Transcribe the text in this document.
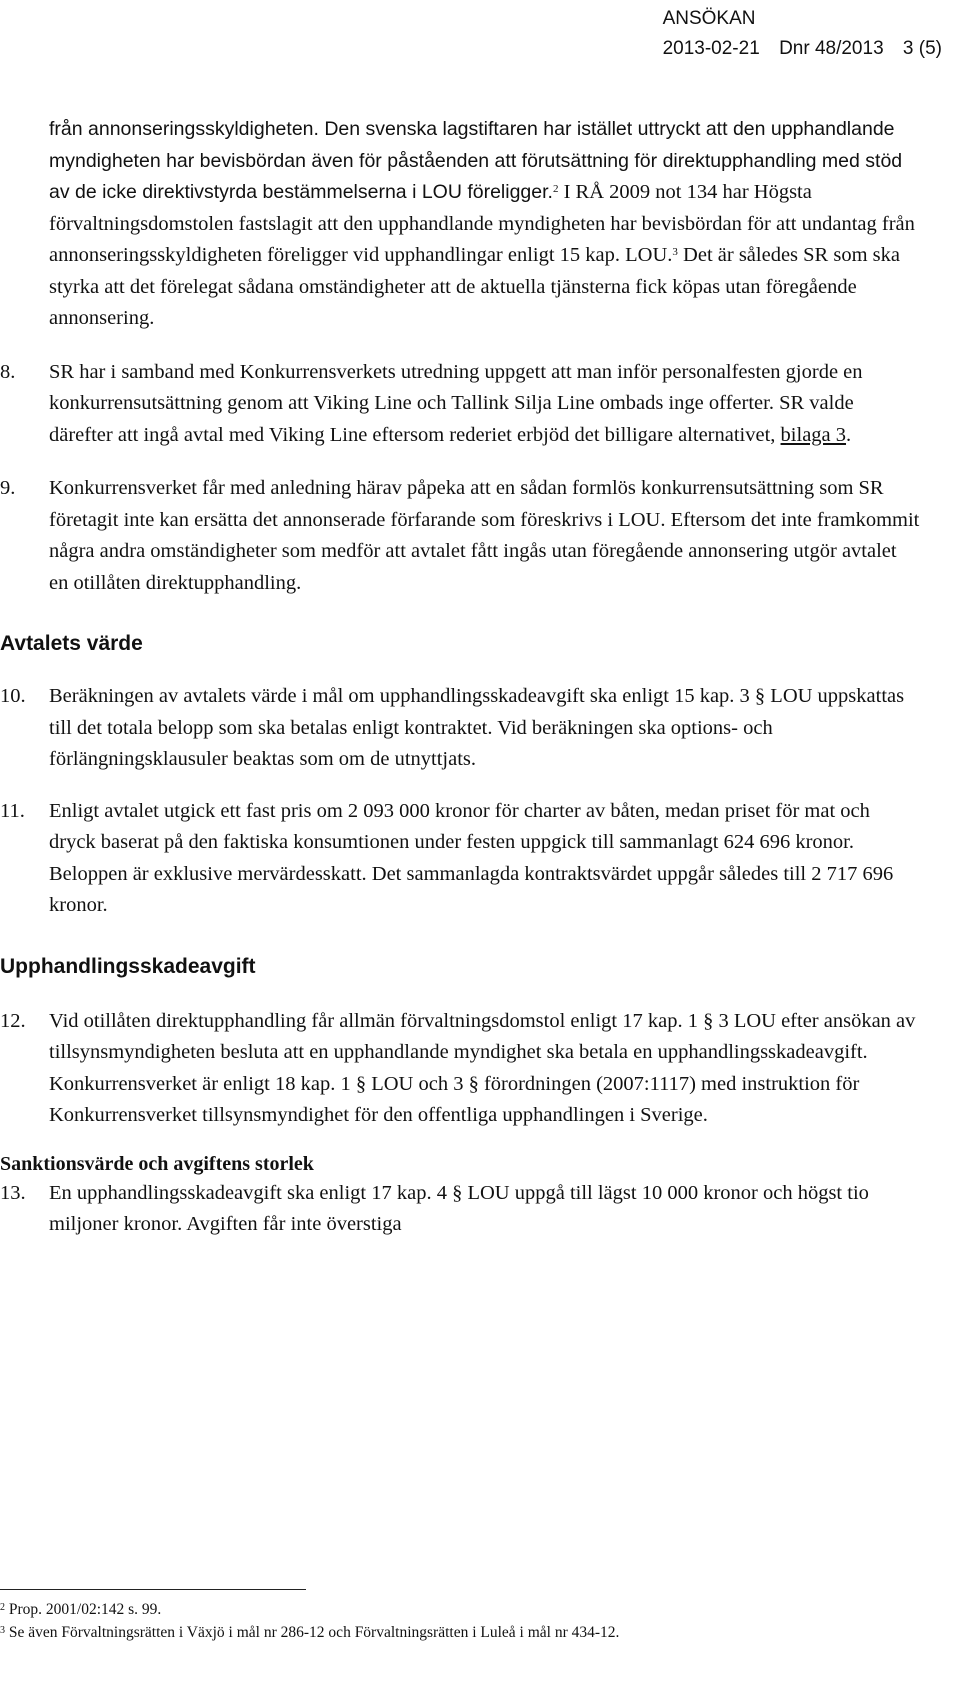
ANSÖKAN
2013-02-21 Dnr 48/2013 3 (5)
från annonseringsskyldigheten. Den svenska lagstiftaren har istället uttryckt att den upphandlande myndigheten har bevisbördan även för påståenden att förutsättning för direktupphandling med stöd av de icke direktivstyrda bestämmelserna i LOU föreligger.$^2$ I RÅ 2009 not 134 har Högsta förvaltningsdomstolen fastslagit att den upphandlande myndigheten har bevisbördan för att undantag från annonseringsskyldigheten föreligger vid upphandlingar enligt 15 kap. LOU.$^3$ Det är således SR som ska styrka att det förelegat sådana omständigheter att de aktuella tjänsterna fick köpas utan föregående annonsering.
8. SR har i samband med Konkurrensverkets utredning uppgett att man inför personalfesten gjorde en konkurrensutsättning genom att Viking Line och Tallink Silja Line ombads inge offerter. SR valde därefter att ingå avtal med Viking Line eftersom rederiet erbjöd det billigare alternativet, bilaga 3.
9. Konkurrensverket får med anledning härav påpeka att en sådan formlös konkurrensutsättning som SR företagit inte kan ersätta det annonserade förfarande som föreskrivs i LOU. Eftersom det inte framkommit några andra omständigheter som medför att avtalet fått ingås utan föregående annonsering utgör avtalet en otillåten direktupphandling.
Avtalets värde
10. Beräkningen av avtalets värde i mål om upphandlingsskadeavgift ska enligt 15 kap. 3 § LOU uppskattas till det totala belopp som ska betalas enligt kontraktet. Vid beräkningen ska options- och förlängningsklausuler beaktas som om de utnyttjats.
11. Enligt avtalet utgick ett fast pris om 2 093 000 kronor för charter av båten, medan priset för mat och dryck baserat på den faktiska konsumtionen under festen uppgick till sammanlagt 624 696 kronor. Beloppen är exklusive mervärdesskatt. Det sammanlagda kontraktsvärdet uppgår således till 2 717 696 kronor.
Upphandlingsskadeavgift
12. Vid otillåten direktupphandling får allmän förvaltningsdomstol enligt 17 kap. 1 § 3 LOU efter ansökan av tillsynsmyndigheten besluta att en upphandlande myndighet ska betala en upphandlingsskadeavgift. Konkurrensverket är enligt 18 kap. 1 § LOU och 3 § förordningen (2007:1117) med instruktion för Konkurrensverket tillsynsmyndighet för den offentliga upphandlingen i Sverige.
Sanktionsvärde och avgiftens storlek
13. En upphandlingsskadeavgift ska enligt 17 kap. 4 § LOU uppgå till lägst 10 000 kronor och högst tio miljoner kronor. Avgiften får inte överstiga
$^2$ Prop. 2001/02:142 s. 99.
$^3$ Se även Förvaltningsrätten i Växjö i mål nr 286-12 och Förvaltningsrätten i Luleå i mål nr 434-12.
